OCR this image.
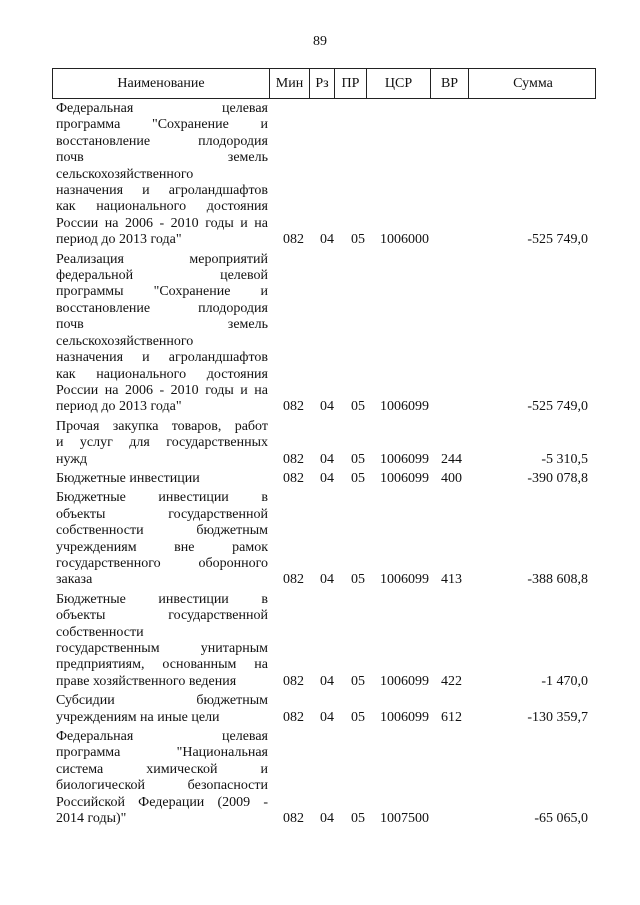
89
Наименование	Мин Рз ПР	ЦСР	ВР	Сумма
Федеральная целевая
программа "Сохранение и
восстановление плодородия
почв земель
сельскохозяйственного
назначения и агроландшафтов
как национального достояния
России на 2006 - 2010 годы и на
период до 2013 года"	082 04 05 1006000	-525 749,0
Реализация мероприятий
федеральной целевой
программы "Сохранение и
восстановление плодородия
почв земель
сельскохозяйственного
назначения и агроландшафтов
как национального достояния
России на 2006 - 2010 годы и на
период до 2013 года"	082 04 05 1006099	-525 749,0
Прочая закупка товаров, работ
и услуг для государственных
нужд	082 04 05 1006099 244	-5 310,5
Бюджетные инвестиции	082 04 05 1006099 400	-390 078,8
Бюджетные инвестиции в
объекты государственной
собственности бюджетным
учреждениям вне рамок
государственного оборонного
заказа	082 04 05 1006099 413	-388 608,8
Бюджетные инвестиции в
объекты государственной
собственности
государственным унитарным
предприятиям, основанным на
праве хозяйственного ведения	082 04 05 1006099 422	-1 470,0
Субсидии бюджетным
учреждениям на иные цели	082 04 05 1006099 612	-130 359,7
Федеральная целевая
программа "Национальная
система химической и
биологической безопасности
Российской Федерации (2009 -
2014 годы)"	082 04 05 1007500	-65 065,0
